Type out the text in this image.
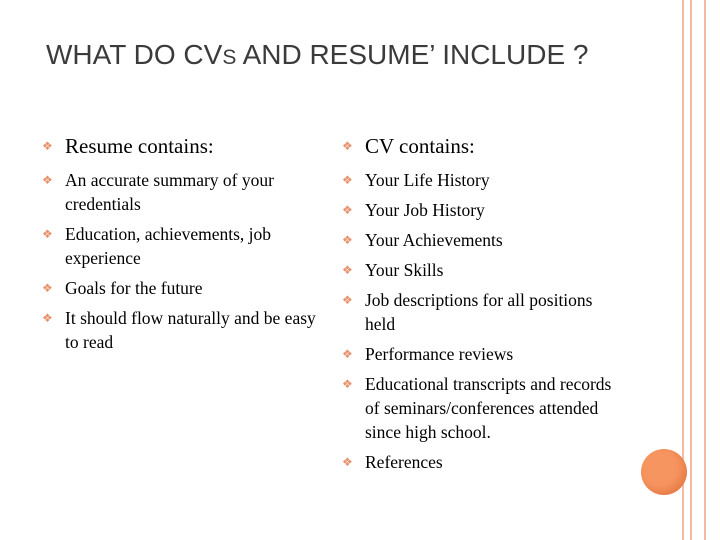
WHAT DO CVS AND RESUME’ INCLUDE ?
❖ Resume contains:
❖ An accurate summary of your credentials
❖ Education, achievements, job experience
❖ Goals for the future
❖ It should flow naturally and be easy to read
❖ CV contains:
❖ Your Life History
❖ Your Job History
❖ Your Achievements
❖ Your Skills
❖ Job descriptions for all positions held
❖ Performance reviews
❖ Educational transcripts and records of seminars/conferences attended since high school.
❖ References
